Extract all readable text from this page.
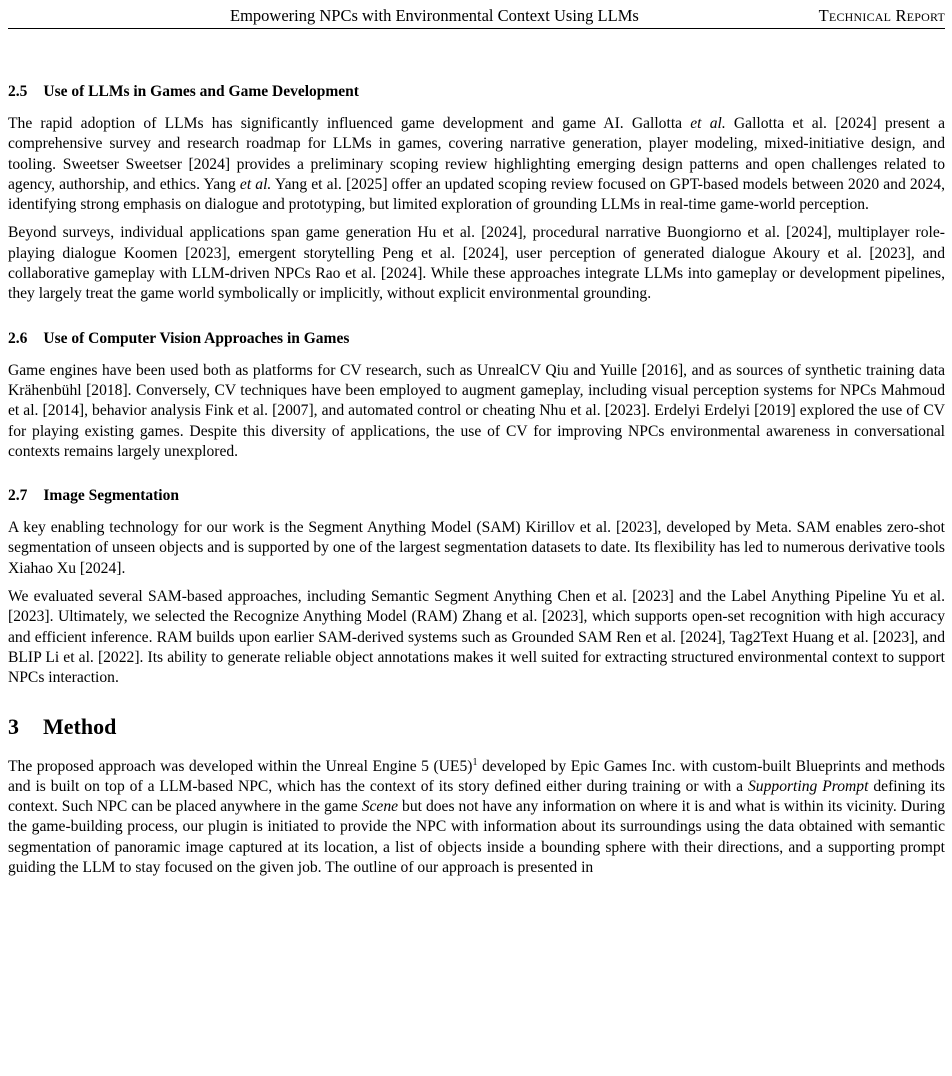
Empowering NPCs with Environmental Context Using LLMs	Technical Report
2.5 Use of LLMs in Games and Game Development

The rapid adoption of LLMs has significantly influenced game development and game AI. Gallotta et al. Gallotta et al. [2024] present a comprehensive survey and research roadmap for LLMs in games, covering narrative generation, player modeling, mixed-initiative design, and tooling. Sweetser Sweetser [2024] provides a preliminary scoping review highlighting emerging design patterns and open challenges related to agency, authorship, and ethics. Yang et al. Yang et al. [2025] offer an updated scoping review focused on GPT-based models between 2020 and 2024, identifying strong emphasis on dialogue and prototyping, but limited exploration of grounding LLMs in real-time game-world perception.

Beyond surveys, individual applications span game generation Hu et al. [2024], procedural narrative Buongiorno et al. [2024], multiplayer role-playing dialogue Koomen [2023], emergent storytelling Peng et al. [2024], user perception of generated dialogue Akoury et al. [2023], and collaborative gameplay with LLM-driven NPCs Rao et al. [2024]. While these approaches integrate LLMs into gameplay or development pipelines, they largely treat the game world symbolically or implicitly, without explicit environmental grounding.

2.6 Use of Computer Vision Approaches in Games

Game engines have been used both as platforms for CV research, such as UnrealCV Qiu and Yuille [2016], and as sources of synthetic training data Krähenbühl [2018]. Conversely, CV techniques have been employed to augment gameplay, including visual perception systems for NPCs Mahmoud et al. [2014], behavior analysis Fink et al. [2007], and automated control or cheating Nhu et al. [2023]. Erdelyi Erdelyi [2019] explored the use of CV for playing existing games. Despite this diversity of applications, the use of CV for improving NPCs environmental awareness in conversational contexts remains largely unexplored.

2.7 Image Segmentation

A key enabling technology for our work is the Segment Anything Model (SAM) Kirillov et al. [2023], developed by Meta. SAM enables zero-shot segmentation of unseen objects and is supported by one of the largest segmentation datasets to date. Its flexibility has led to numerous derivative tools Xiahao Xu [2024].

We evaluated several SAM-based approaches, including Semantic Segment Anything Chen et al. [2023] and the Label Anything Pipeline Yu et al. [2023]. Ultimately, we selected the Recognize Anything Model (RAM) Zhang et al. [2023], which supports open-set recognition with high accuracy and efficient inference. RAM builds upon earlier SAM-derived systems such as Grounded SAM Ren et al. [2024], Tag2Text Huang et al. [2023], and BLIP Li et al. [2022]. Its ability to generate reliable object annotations makes it well suited for extracting structured environmental context to support NPCs interaction.

3 Method

The proposed approach was developed within the Unreal Engine 5 $(UE5)^1$ developed by Epic Games Inc. with custom-built Blueprints and methods and is built on top of a LLM-based NPC, which has the context of its story defined either during training or with a Supporting Prompt defining its context. Such NPC can be placed anywhere in the game Scene but does not have any information on where it is and what is within its vicinity. During the game-building process, our plugin is initiated to provide the NPC with information about its surroundings using the data obtained with semantic segmentation of panoramic image captured at its location, a list of objects inside a bounding sphere with their directions, and a supporting prompt guiding the LLM to stay focused on the given job. The outline of our approach is presented in
